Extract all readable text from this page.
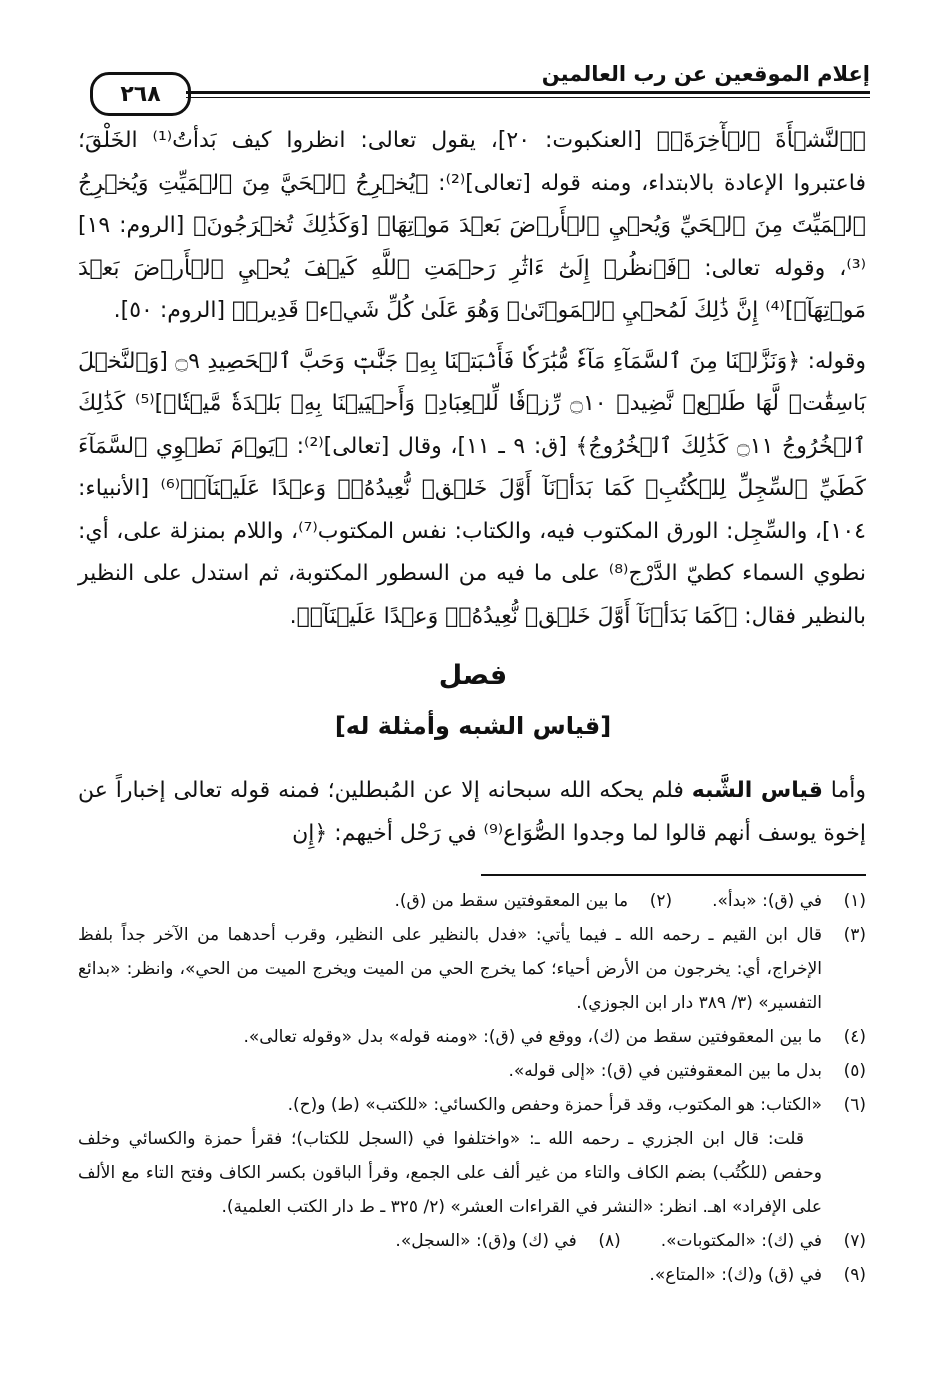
إعلام الموقعين عن رب العالمين
٢٦٨

﴿ٱلنَّشۡأَةَ ٱلۡأٓخِرَةَۚ﴾ [العنكبوت: ٢٠]، يقول تعالى: انظروا كيف بَدأتُ⁽¹⁾ الخَلْقَ؛ فاعتبروا الإعادة بالابتداء، ومنه قوله [تعالى]⁽²⁾: ﴿يُخۡرِجُ ٱلۡحَيَّ مِنَ ٱلۡمَيِّتِ وَيُخۡرِجُ ٱلۡمَيِّتَ مِنَ ٱلۡحَيِّ وَيُحۡيِ ٱلۡأَرۡضَ بَعۡدَ مَوۡتِهَاۚ [وَكَذَٰلِكَ تُخۡرَجُونَ﴾ [الروم: ١٩]⁽³⁾، وقوله تعالى: ﴿فَٱنظُرۡ إِلَىٰٓ ءَاثَٰرِ رَحۡمَتِ ٱللَّهِ كَيۡفَ يُحۡيِ ٱلۡأَرۡضَ بَعۡدَ مَوۡتِهَآۚ]⁽⁴⁾ إِنَّ ذَٰلِكَ لَمُحۡيِ ٱلۡمَوۡتَىٰۖ وَهُوَ عَلَىٰ كُلِّ شَيۡءٖ قَدِيرٞ﴾ [الروم: ٥٠].

وقوله: ﴿وَنَزَّلۡنَا مِنَ ٱلسَّمَآءِ مَآءٗ مُّبَٰرَكٗا فَأَنۢبَتۡنَا بِهِۦ جَنَّٰتٖ وَحَبَّ ٱلۡحَصِيدِ ۝٩ [وَٱلنَّخۡلَ بَاسِقَٰتٖ لَّهَا طَلۡعٞ نَّضِيدٞ ۝١٠ رِّزۡقٗا لِّلۡعِبَادِۖ وَأَحۡيَيۡنَا بِهِۦ بَلۡدَةٗ مَّيۡتٗاۚ]⁽⁵⁾ كَذَٰلِكَ ٱلۡخُرُوجُ ۝١١ كَذَٰلِكَ ٱلۡخُرُوجُ﴾ [ق: ٩ ـ ١١]، وقال [تعالى]⁽²⁾: ﴿يَوۡمَ نَطۡوِي ٱلسَّمَآءَ كَطَيِّ ٱلسِّجِلِّ لِلۡكُتُبِۚ كَمَا بَدَأۡنَآ أَوَّلَ خَلۡقٖ نُّعِيدُهُۥۚ وَعۡدًا عَلَيۡنَآۚ﴾⁽⁶⁾ [الأنبياء: ١٠٤]، والسِّجِل: الورق المكتوب فيه، والكتاب: نفس المكتوب⁽⁷⁾، واللام بمنزلة على، أي: نطوي السماء كطيّ الدَّرْج⁽⁸⁾ على ما فيه من السطور المكتوبة، ثم استدل على النظير بالنظير فقال: ﴿كَمَا بَدَأۡنَآ أَوَّلَ خَلۡقٖ نُّعِيدُهُۥۚ وَعۡدًا عَلَيۡنَآۚ﴾.

فصل
[قياس الشبه وأمثلة له]

وأما قياس الشَّبه فلم يحكه الله سبحانه إلا عن المُبطلين؛ فمنه قوله تعالى إخباراً عن إخوة يوسف أنهم قالوا لما وجدوا الصُّوَاع⁽⁹⁾ في رَحْل أخيهم: ﴿إِن

(١)
في (ق): «بدأ».
(٢)
ما بين المعقوفتين سقط من (ق).
(٣)
قال ابن القيم ـ رحمه الله ـ فيما يأتي: «فدل بالنظير على النظير، وقرب أحدهما من الآخر جداً بلفظ الإخراج، أي: يخرجون من الأرض أحياء؛ كما يخرج الحي من الميت ويخرج الميت من الحي»، وانظر: «بدائع التفسير» (٣/ ٣٨٩ دار ابن الجوزي).
(٤)
ما بين المعقوفتين سقط من (ك)، ووقع في (ق): «ومنه قوله» بدل «وقوله تعالى».
(٥)
بدل ما بين المعقوفتين في (ق): «إلى قوله».
(٦)
«الكتاب: هو المكتوب، وقد قرأ حمزة وحفص والكسائي: «للكتب» (ط) و(ح).
قلت: قال ابن الجزري ـ رحمه الله ـ: «واختلفوا في (السجل للكتاب)؛ فقرأ حمزة والكسائي وخلف وحفص (للكُتُب) بضم الكاف والتاء من غير ألف على الجمع، وقرأ الباقون بكسر الكاف وفتح التاء مع الألف على الإفراد» اهـ. انظر: «النشر في القراءات العشر» (٢/ ٣٢٥ ـ ط دار الكتب العلمية).
(٧)
في (ك): «المكتوبات».
(٨)
في (ك) و(ق): «السجل».
(٩)
في (ق) و(ك): «المتاع».
